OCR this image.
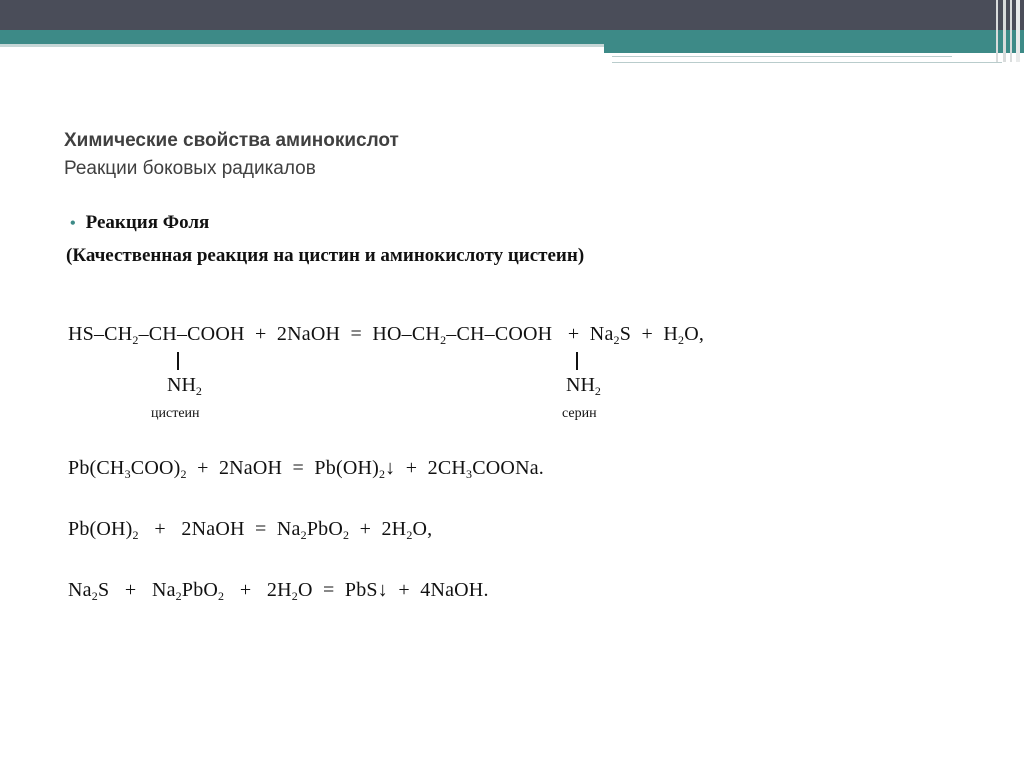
Химические свойства аминокислот
Реакции боковых радикалов
• Реакция Фоля
(Качественная реакция на цистин и аминокислоту цистеин)
$HS-CH_2-CH$–COOH  +  2NaOH  =  $HO-CH_2-CH$–COOH   +  $Na_2S + H_2O$,
$NH_2$
цистеин
$NH_2$
серин
$Pb(CH_3COO)_2$  +  2NaOH  =  $Pb(OH)_2↓$  +  $2CH_3COONa$.
$Pb(OH)_2$   +   2NaOH  =  $Na_2PbO_2 + 2H_2O$,
$Na_2S + Na_2PbO_2 + 2H_2O$  =  PbS↓  +  4NaOH.
